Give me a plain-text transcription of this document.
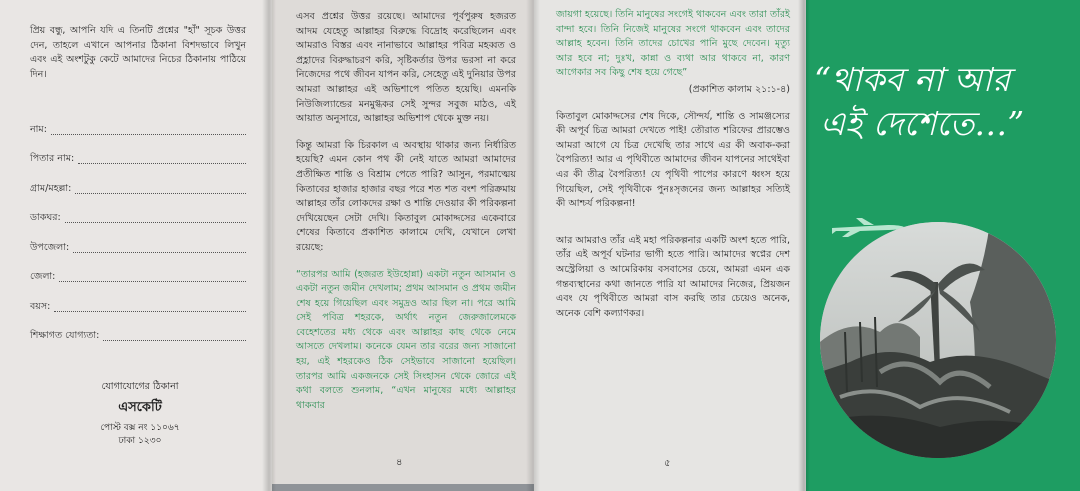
প্রিয় বন্ধু, আপনি যদি এ তিনটি প্রশ্নের "হাঁ" সূচক উত্তর দেন, তাহলে এখানে আপনার ঠিকানা বিশদভাবে লিখুন এবং এই অংশটুকু কেটে আমাদের নিচের ঠিকানায় পাঠিয়ে দিন।

নাম:
পিতার নাম:
গ্রাম/মহল্লা:
ডাকঘর:
উপজেলা:
জেলা:
বয়স:
শিক্ষাগত যোগ্যতা:
যোগাযোগের ঠিকানা
এসকেটি
পোস্ট বক্স নং ১১০৬৭
ঢাকা ১২৩০

এসব প্রশ্নের উত্তর রয়েছে। আমাদের পূর্বপুরুষ হজরত আদম যেহেতু আল্লাহর বিরুদ্ধে বিদ্রোহ করেছিলেন এবং আমরাও বিস্তর এবং নানাভাবে আল্লাহর পবিত্র মহব্বত ও প্রহ্লাদের বিরুদ্ধাচরণ করি, সৃষ্টিকর্তার উপর ভরসা না করে নিজেদের পথে জীবন যাপন করি, সেহেতু এই দুনিয়ার উপর আমরা আল্লাহর এই অভিশাপে পতিত হয়েছি। এমনকি নিউজিল্যান্ডের মনমুগ্ধকর সেই সুন্দর সবুজ মাঠও, এই আয়াত অনুসারে, আল্লাহর অভিশাপ থেকে মুক্ত নয়।

কিন্তু আমরা কি চিরকাল এ অবস্থায় থাকার জন্য নির্ধারিত হয়েছি? এমন কোন পথ কী নেই যাতে আমরা আমাদের প্রতীক্ষিত শান্তি ও বিশ্রাম পেতে পারি? আসুন, পরমাত্মেয় কিতাবের হাজার হাজার বছর পরে শত শত বংশ পরিক্রমায় আল্লাহর তাঁর লোকদের রক্ষা ও শান্তি দেওয়ার কী পরিকল্পনা দেখিয়েছেন সেটা দেখি। কিতাবুল মোকাদ্দসের একেবারে শেষের কিতাবে প্রকাশিত কালামে দেখি, যেখানে লেখা রয়েছে:

“তারপর আমি (হজরত ইউহোন্না) একটা নতুন আসমান ও একটা নতুন জমীন দেখলাম; প্রথম আসমান ও প্রথম জমীন শেষ হয়ে গিয়েছিল এবং সমুদ্রও আর ছিল না। পরে আমি সেই পবিত্র শহরকে, অর্থাৎ নতুন জেরুজালেমকে বেহেশতের মধ্য থেকে এবং আল্লাহর কাছ থেকে নেমে আসতে দেখলাম। কনেকে যেমন তার বরের জন্য সাজানো হয়, এই শহরকেও ঠিক সেইভাবে সাজানো হয়েছিল। তারপর আমি একজনকে সেই সিংহাসন থেকে জোরে এই কথা বলতে শুনলাম, “এখন মানুষের মধ্যে আল্লাহর থাকবার

৪

জায়গা হয়েছে। তিনি মানুষের সংগেই থাকবেন এবং তারা তাঁরই বান্দা হবে। তিনি নিজেই মানুষের সংগে থাকবেন এবং তাদের আল্লাহ হবেন। তিনি তাদের চোখের পানি মুছে দেবেন। মৃত্যু আর হবে না; দুঃখ, কান্না ও ব্যথা আর থাকবে না, কারণ আগেকার সব কিছু শেষ হয়ে গেছে”

(প্রকাশিত কালাম ২১:১-৪)

কিতাবুল মোকাদ্দসের শেষ দিকে, সৌন্দর্য, শান্তি ও সামঞ্জস্যের কী অপূর্ব চিত্র আমরা দেখতে পাই! তৌরাত শরিফের প্রারম্ভেও আমরা আগে যে চিত্র দেখেছি তার সাথে এর কী অবাক-করা বৈপরিত্য! আর এ পৃথিবীতে আমাদের জীবন যাপনের সাথেইবা এর কী তীব্র বৈপরিত্য! যে পৃথিবী পাপের কারণে ধ্বংস হয়ে গিয়েছিল, সেই পৃথিবীকে পুনঃসৃজনের জন্য আল্লাহর সত্যিই কী আশ্চর্য পরিকল্পনা!

আর আমরাও তাঁর এই মহা পরিকল্পনার একটি অংশ হতে পারি, তাঁর এই অপূর্ব ঘটনার ভাগী হতে পারি। আমাদের স্বপ্নের দেশ অস্ট্রেলিয়া ও আমেরিকায় বসবাসের চেয়ে, আমরা এমন এক গন্তব্যস্থানের কথা জানতে পারি যা আমাদের নিজের, প্রিয়জন এবং যে পৃথিবীতে আমরা বাস করছি তার চেয়েও অনেক, অনেক বেশি কল্যাণকর।

৫
“থাকব না আর
এই দেশেতে…”
